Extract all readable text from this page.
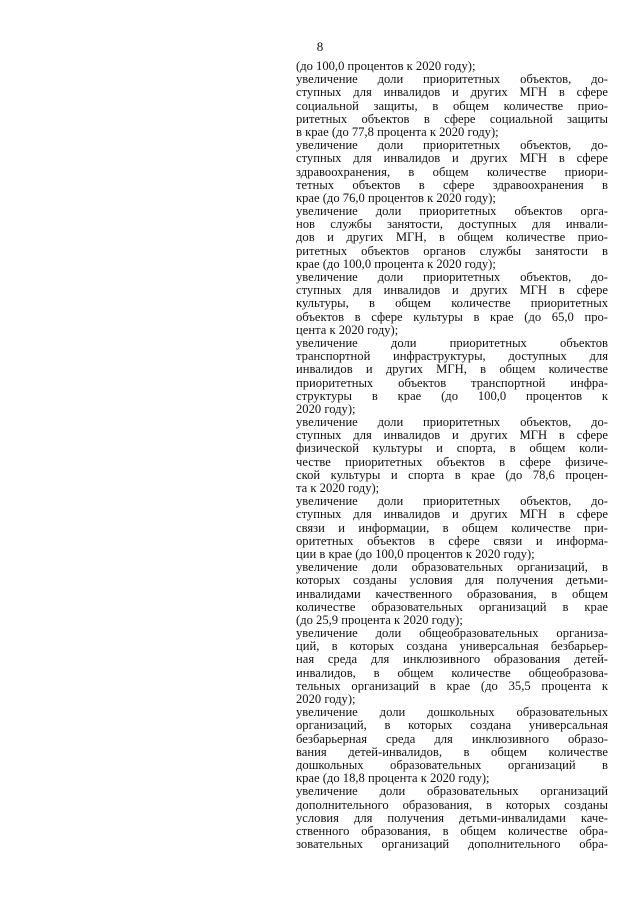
8
(до 100,0 процентов к 2020 году);
увеличение доли приоритетных объектов, до-
ступных для инвалидов и других МГН в сфере
социальной защиты, в общем количестве прио-
ритетных объектов в сфере социальной защиты
в крае (до 77,8 процента к 2020 году);
увеличение доли приоритетных объектов, до-
ступных для инвалидов и других МГН в сфере
здравоохранения, в общем количестве приори-
тетных объектов в сфере здравоохранения в
крае (до 76,0 процентов к 2020 году);
увеличение доли приоритетных объектов орга-
нов службы занятости, доступных для инвали-
дов и других МГН, в общем количестве прио-
ритетных объектов органов службы занятости в
крае (до 100,0 процента к 2020 году);
увеличение доли приоритетных объектов, до-
ступных для инвалидов и других МГН в сфере
культуры, в общем количестве приоритетных
объектов в сфере культуры в крае (до 65,0 про-
цента к 2020 году);
увеличение доли приоритетных объектов
транспортной инфраструктуры, доступных для
инвалидов и других МГН, в общем количестве
приоритетных объектов транспортной инфра-
структуры в крае (до 100,0 процентов к
2020 году);
увеличение доли приоритетных объектов, до-
ступных для инвалидов и других МГН в сфере
физической культуры и спорта, в общем коли-
честве приоритетных объектов в сфере физиче-
ской культуры и спорта в крае (до 78,6 процен-
та к 2020 году);
увеличение доли приоритетных объектов, до-
ступных для инвалидов и других МГН в сфере
связи и информации, в общем количестве при-
оритетных объектов в сфере связи и информа-
ции в крае (до 100,0 процентов к 2020 году);
увеличение доли образовательных организаций, в
которых созданы условия для получения детьми-
инвалидами качественного образования, в общем
количестве образовательных организаций в крае
(до 25,9 процента к 2020 году);
увеличение доли общеобразовательных организа-
ций, в которых создана универсальная безбарьер-
ная среда для инклюзивного образования детей-
инвалидов, в общем количестве общеобразова-
тельных организаций в крае (до 35,5 процента к
2020 году);
увеличение доли дошкольных образовательных
организаций, в которых создана универсальная
безбарьерная среда для инклюзивного образо-
вания детей-инвалидов, в общем количестве
дошкольных образовательных организаций в
крае (до 18,8 процента к 2020 году);
увеличение доли образовательных организаций
дополнительного образования, в которых созданы
условия для получения детьми-инвалидами каче-
ственного образования, в общем количестве обра-
зовательных организаций дополнительного обра-
